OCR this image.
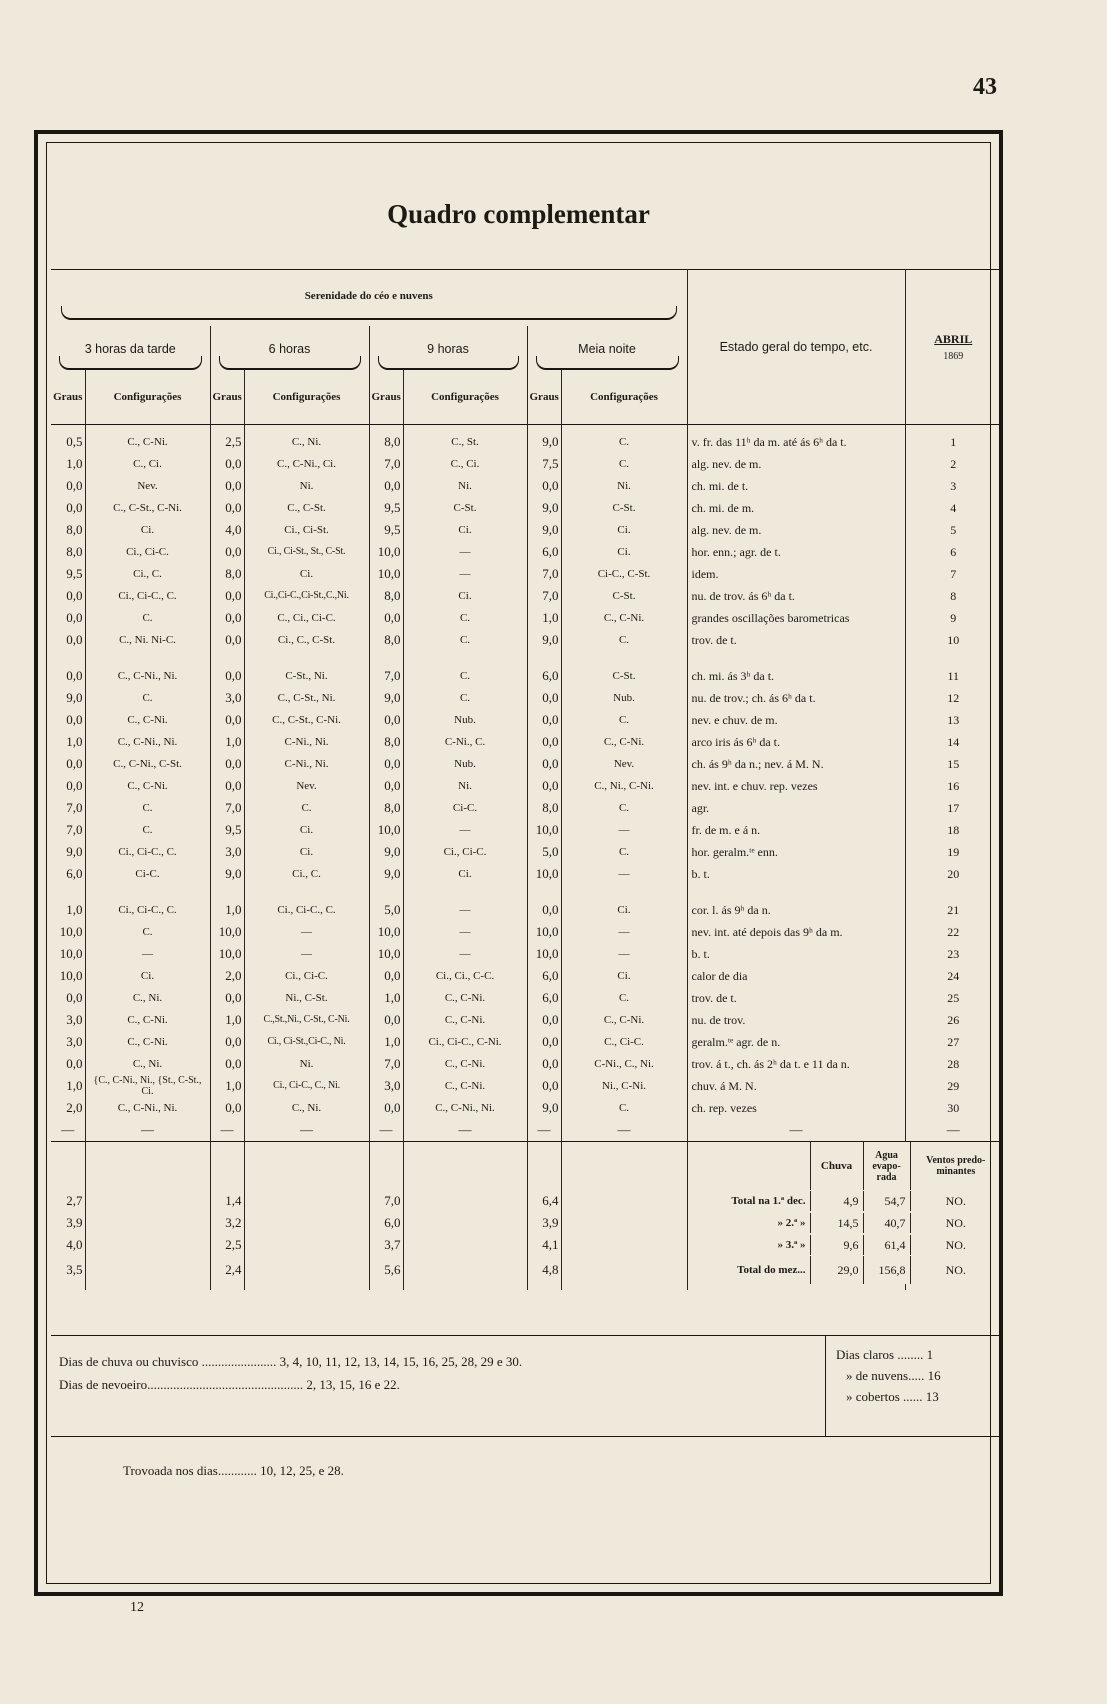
43
Quadro complementar
Serenidade do céo e nuvens								Estado geral do tempo, etc.	ABRIL
1869

3 horas da tarde		6 horas		9 horas		Meia noite			

Graus	Configurações	Graus	Configurações	Graus	Configurações	Graus	Configurações		

0,5	C., C-Ni.	2,5	C., Ni.	8,0	C., St.	9,0	C.	v. fr. das 11ʰ da m. até ás 6ʰ da t.	1
1,0	C., Ci.	0,0	C., C-Ni., Ci.	7,0	C., Ci.	7,5	C.	alg. nev. de m.	2
0,0	Nev.	0,0	Ni.	0,0	Ni.	0,0	Ni.	ch. mi. de t.	3
0,0	C., C-St., C-Ni.	0,0	C., C-St.	9,5	C-St.	9,0	C-St.	ch. mi. de m.	4
8,0	Ci.	4,0	Ci., Ci-St.	9,5	Ci.	9,0	Ci.	alg. nev. de m.	5
8,0	Ci., Ci-C.	0,0	Ci., Ci-St., St., C-St.	10,0	—	6,0	Ci.	hor. enn.; agr. de t.	6
9,5	Ci., C.	8,0	Ci.	10,0	—	7,0	Ci-C., C-St.	idem.	7
0,0	Ci., Ci-C., C.	0,0	Ci.,Ci-C.,Ci-St.,C.,Ni.	8,0	Ci.	7,0	C-St.	nu. de trov. ás 6ʰ da t.	8
0,0	C.	0,0	C., Ci., Ci-C.	0,0	C.	1,0	C., C-Ni.	grandes oscillações barometricas	9
0,0	C., Ni. Ni-C.	0,0	Ci., C., C-St.	8,0	C.	9,0	C.	trov. de t.	10

0,0	C., C-Ni., Ni.	0,0	C-St., Ni.	7,0	C.	6,0	C-St.	ch. mi. ás 3ʰ da t.	11
9,0	C.	3,0	C., C-St., Ni.	9,0	C.	0,0	Nub.	nu. de trov.; ch. ás 6ʰ da t.	12
0,0	C., C-Ni.	0,0	C., C-St., C-Ni.	0,0	Nub.	0,0	C.	nev. e chuv. de m.	13
1,0	C., C-Ni., Ni.	1,0	C-Ni., Ni.	8,0	C-Ni., C.	0,0	C., C-Ni.	arco iris ás 6ʰ da t.	14
0,0	C., C-Ni., C-St.	0,0	C-Ni., Ni.	0,0	Nub.	0,0	Nev.	ch. ás 9ʰ da n.; nev. á M. N.	15
0,0	C., C-Ni.	0,0	Nev.	0,0	Ni.	0,0	C., Ni., C-Ni.	nev. int. e chuv. rep. vezes	16
7,0	C.	7,0	C.	8,0	Ci-C.	8,0	C.	agr.	17
7,0	C.	9,5	Ci.	10,0	—	10,0	—	fr. de m. e á n.	18
9,0	Ci., Ci-C., C.	3,0	Ci.	9,0	Ci., Ci-C.	5,0	C.	hor. geralm.ᵗᵉ enn.	19
6,0	Ci-C.	9,0	Ci., C.	9,0	Ci.	10,0	—	b. t.	20

1,0	Ci., Ci-C., C.	1,0	Ci., Ci-C., C.	5,0	—	0,0	Ci.	cor. l. ás 9ʰ da n.	21
10,0	C.	10,0	—	10,0	—	10,0	—	nev. int. até depois das 9ʰ da m.	22
10,0	—	10,0	—	10,0	—	10,0	—	b. t.	23
10,0	Ci.	2,0	Ci., Ci-C.	0,0	Ci., Ci., C-C.	6,0	Ci.	calor de dia	24
0,0	C., Ni.	0,0	Ni., C-St.	1,0	C., C-Ni.	6,0	C.	trov. de t.	25
3,0	C., C-Ni.	1,0	C.,St.,Ni., C-St., C-Ni.	0,0	C., C-Ni.	0,0	C., C-Ni.	nu. de trov.	26
3,0	C., C-Ni.	0,0	Ci., Ci-St.,Ci-C., Ni.	1,0	Ci., Ci-C., C-Ni.	0,0	C., Ci-C.	geralm.ᵗᵉ agr. de n.	27
0,0	C., Ni.	0,0	Ni.	7,0	C., C-Ni.	0,0	C-Ni., C., Ni.	trov. á t., ch. ás 2ʰ da t. e 11 da n.	28
1,0	{C., C-Ni., Ni., {St., C-St., Ci.	1,0	Ci., Ci-C., C., Ni.	3,0	C., C-Ni.	0,0	Ni., C-Ni.	chuv. á M. N.	29
2,0	C., C-Ni., Ni.	0,0	C., Ni.	0,0	C., C-Ni., Ni.	9,0	C.	ch. rep. vezes	30
—	—	—	—	—	—	—	—	—	—

Chuva
Agua evapo-rada
Ventos predo-minantes	

2,7		1,4		7,0		6,4		Total na 1.ª dec. 4,9 54,7 NO.	

3,9		3,2		6,0		3,9		» 2.ª » 14,5 40,7 NO.	

4,0		2,5		3,7		4,1		» 3.ª » 9,6 61,4 NO.	

3,5		2,4		5,6		4,8		Total do mez... 29,0 156,8 NO.	

Dias de chuva ou chuvisco ....................... 3, 4, 10, 11, 12, 13, 14, 15, 16, 25, 28, 29 e 30.
Dias de nevoeiro................................................ 2, 13, 15, 16 e 22.
Dias claros ........ 1
» de nuvens..... 16
» cobertos ...... 13
Trovoada nos dias............ 10, 12, 25, e 28.
12
